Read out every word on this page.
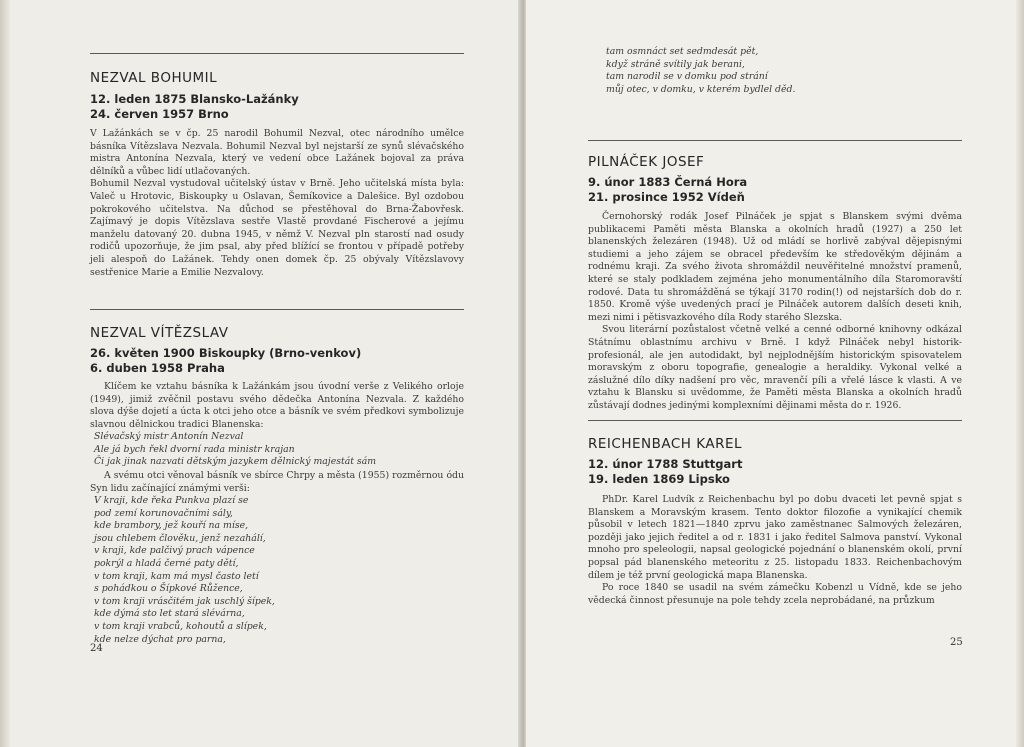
NEZVAL BOHUMIL
12. leden 1875 Blansko-Lažánky
24. červen 1957 Brno

V Lažánkách se v čp. 25 narodil Bohumil Nezval, otec národního umělce básníka Vítězslava Nezvala. Bohumil Nezval byl nejstarší ze synů slévačského mistra Antonína Nezvala, který ve vedení obce Lažánek bojoval za práva dělníků a vůbec lidí utlačovaných.

Bohumil Nezval vystudoval učitelský ústav v Brně. Jeho učitelská místa byla: Valeč u Hrotovic, Biskoupky u Oslavan, Šemíkovice a Dalešice. Byl ozdobou pokrokového učitelstva. Na důchod se přestěhoval do Brna-Žabovřesk. Zajímavý je dopis Vítězslava sestře Vlastě provdané Fischerové a jejímu manželu datovaný 20. dubna 1945, v němž V. Nezval pln starostí nad osudy rodičů upozorňuje, že jim psal, aby před blížící se frontou v případě potřeby jeli alespoň do Lažánek. Tehdy onen domek čp. 25 obývaly Vítězslavovy sestřenice Marie a Emilie Nezvalovy.

NEZVAL VÍTĚZSLAV
26. květen 1900 Biskoupky (Brno-venkov)
6. duben 1958 Praha

Klíčem ke vztahu básníka k Lažánkám jsou úvodní verše z Velikého orloje (1949), jimiž zvěčnil postavu svého dědečka Antonína Nezvala. Z každého slova dýše dojetí a úcta k otci jeho otce a básník ve svém předkovi symbolizuje slavnou dělnickou tradici Blanenska:

Slévačský mistr Antonín Nezval
Ale já bych řekl dvorní rada ministr krajan
Či jak jinak nazvati dětským jazykem dělnický majestát sám

A svému otci věnoval básník ve sbírce Chrpy a města (1955) rozměrnou ódu Syn lidu začínající známými verši:

V kraji, kde řeka Punkva plazí se
pod zemí korunovačními sály,
kde brambory, jež kouří na míse,
jsou chlebem člověku, jenž nezahálí,
v kraji, kde palčivý prach vápence
pokrýl a hladá černé paty dětí,
v tom kraji, kam má mysl často letí
s pohádkou o Šípkové Růžence,
v tom kraji vrásčitém jak uschlý šípek,
kde dýmá sto let stará slévárna,
v tom kraji vrabců, kohoutů a slípek,
kde nelze dýchat pro parna,
24
tam osmnáct set sedmdesát pět,
když stráně svítily jak berani,
tam narodil se v domku pod strání
můj otec, v domku, v kterém bydlel děd.
PILNÁČEK JOSEF
9. únor 1883 Černá Hora
21. prosince 1952 Vídeň

Černohorský rodák Josef Pilnáček je spjat s Blanskem svými dvěma publikacemi Paměti města Blanska a okolních hradů (1927) a 250 let blanenských železáren (1948). Už od mládí se horlivě zabýval dějepisnými studiemi a jeho zájem se obracel především ke středověkým dějinám a rodnému kraji. Za svého života shromáždil neuvěřitelné množství pramenů, které se staly podkladem zejména jeho monumentálního díla Staromoravští rodové. Data tu shromážděná se týkají 3170 rodin(!) od nejstarších dob do r. 1850. Kromě výše uvedených prací je Pilnáček autorem dalších deseti knih, mezi nimi i pětisvazkového díla Rody starého Slezska.

Svou literární pozůstalost včetně velké a cenné odborné knihovny odkázal Státnímu oblastnímu archivu v Brně. I když Pilnáček nebyl historik-profesionál, ale jen autodidakt, byl nejplodnějším historickým spisovatelem moravským z oboru topografie, genealogie a heraldiky. Vykonal velké a záslužné dílo díky nadšení pro věc, mravenčí píli a vřelé lásce k vlasti. A ve vztahu k Blansku si uvědomme, že Paměti města Blanska a okolních hradů zůstávají dodnes jedinými komplexními dějinami města do r. 1926.

REICHENBACH KAREL
12. únor 1788 Stuttgart
19. leden 1869 Lipsko

PhDr. Karel Ludvík z Reichenbachu byl po dobu dvaceti let pevně spjat s Blanskem a Moravským krasem. Tento doktor filozofie a vynikající chemik působil v letech 1821—1840 zprvu jako zaměstnanec Salmových železáren, později jako jejich ředitel a od r. 1831 i jako ředitel Salmova panství. Vykonal mnoho pro speleologii, napsal geologické pojednání o blanenském okolí, první popsal pád blanenského meteoritu z 25. listopadu 1833. Reichenbachovým dílem je též první geologická mapa Blanenska.

Po roce 1840 se usadil na svém zámečku Kobenzl u Vídně, kde se jeho vědecká činnost přesunuje na pole tehdy zcela neprobádané, na průzkum

25
